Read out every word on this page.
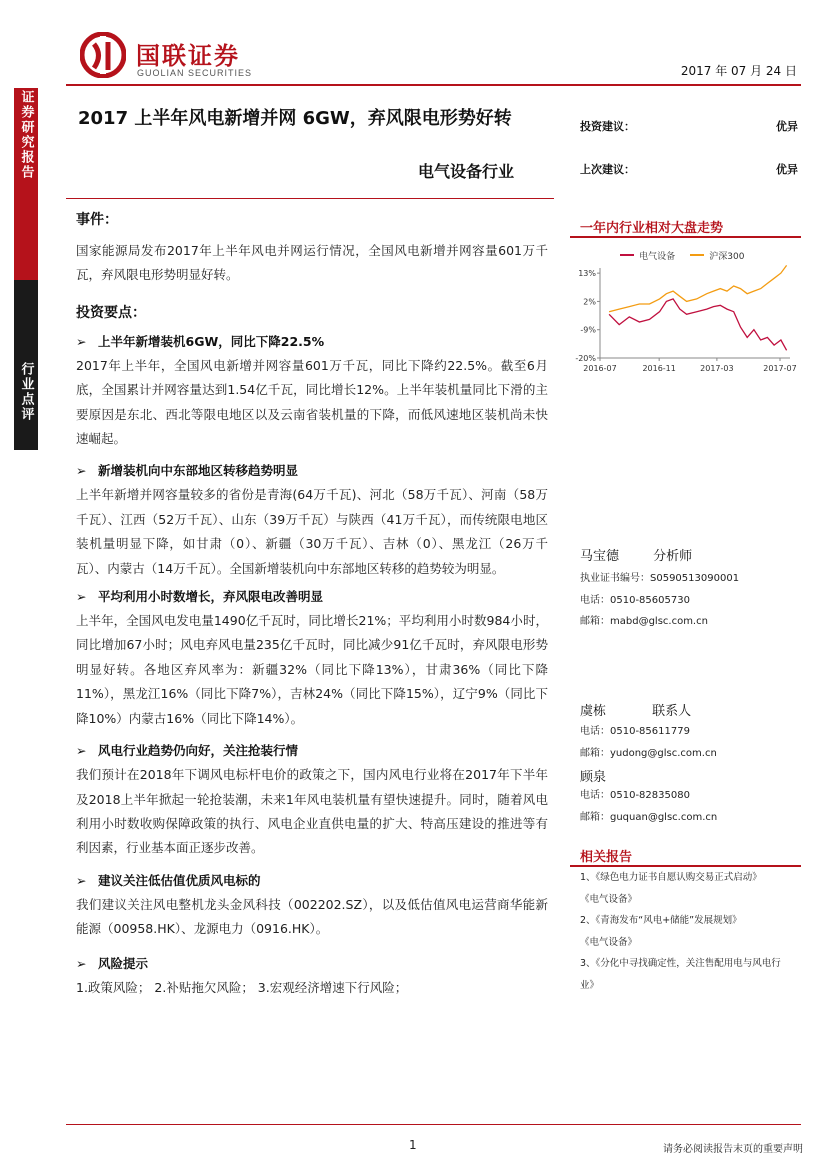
国联证券
GUOLIAN SECURITIES	2017 年 07 月 24 日
证券研究报告
行业点评
2017 上半年风电新增并网 6GW，弃风限电形势好转
电气设备行业
投资建议：	优异
上次建议：	优异
事件：
国家能源局发布2017年上半年风电并网运行情况，全国风电新增并网容量601万千瓦，弃风限电形势明显好转。
投资要点：
➢ 上半年新增装机6GW，同比下降22.5%
2017年上半年，全国风电新增并网容量601万千瓦，同比下降约22.5%。截至6月底，全国累计并网容量达到1.54亿千瓦，同比增长12%。上半年装机量同比下滑的主要原因是东北、西北等限电地区以及云南省装机量的下降，而低风速地区装机尚未快速崛起。
➢ 新增装机向中东部地区转移趋势明显
上半年新增并网容量较多的省份是青海(64万千瓦)、河北（58万千瓦）、河南（58万千瓦）、江西（52万千瓦）、山东（39万千瓦）与陕西（41万千瓦），而传统限电地区装机量明显下降，如甘肃（0）、新疆（30万千瓦）、吉林（0）、黑龙江（26万千瓦）、内蒙古（14万千瓦）。全国新增装机向中东部地区转移的趋势较为明显。
➢ 平均利用小时数增长，弃风限电改善明显
上半年，全国风电发电量1490亿千瓦时，同比增长21%；平均利用小时数984小时，同比增加67小时；风电弃风电量235亿千瓦时，同比减少91亿千瓦时，弃风限电形势明显好转。各地区弃风率为：新疆32%（同比下降13%），甘肃36%（同比下降11%），黑龙江16%（同比下降7%），吉林24%（同比下降15%），辽宁9%（同比下降10%）内蒙古16%（同比下降14%）。
➢ 风电行业趋势仍向好，关注抢装行情
我们预计在2018年下调风电标杆电价的政策之下，国内风电行业将在2017年下半年及2018上半年掀起一轮抢装潮，未来1年风电装机量有望快速提升。同时，随着风电利用小时数收购保障政策的执行、风电企业直供电量的扩大、特高压建设的推进等有利因素，行业基本面正逐步改善。
➢ 建议关注低估值优质风电标的
我们建议关注风电整机龙头金风科技（002202.SZ），以及低估值风电运营商华能新能源（00958.HK）、龙源电力（0916.HK）。
➢ 风险提示
1.政策风险； 2.补贴拖欠风险； 3.宏观经济增速下行风险；
一年内行业相对大盘走势
电气设备	沪深300
13%
2%
-9%
-20%
2016-07	2016-11	2017-03	2017-07
马宝德	分析师
执业证书编号：S0590513090001
电话：0510-85605730
邮箱：mabd@glsc.com.cn
虞栋	联系人
电话：0510-85611779
邮箱：yudong@glsc.com.cn
顾泉
电话：0510-82835080
邮箱：guquan@glsc.com.cn
相关报告
1、《绿色电力证书自愿认购交易正式启动》
《电气设备》
2、《青海发布“风电+储能”发展规划》
《电气设备》
3、《分化中寻找确定性，关注售配用电与风电行
业》
1	请务必阅读报告末页的重要声明
